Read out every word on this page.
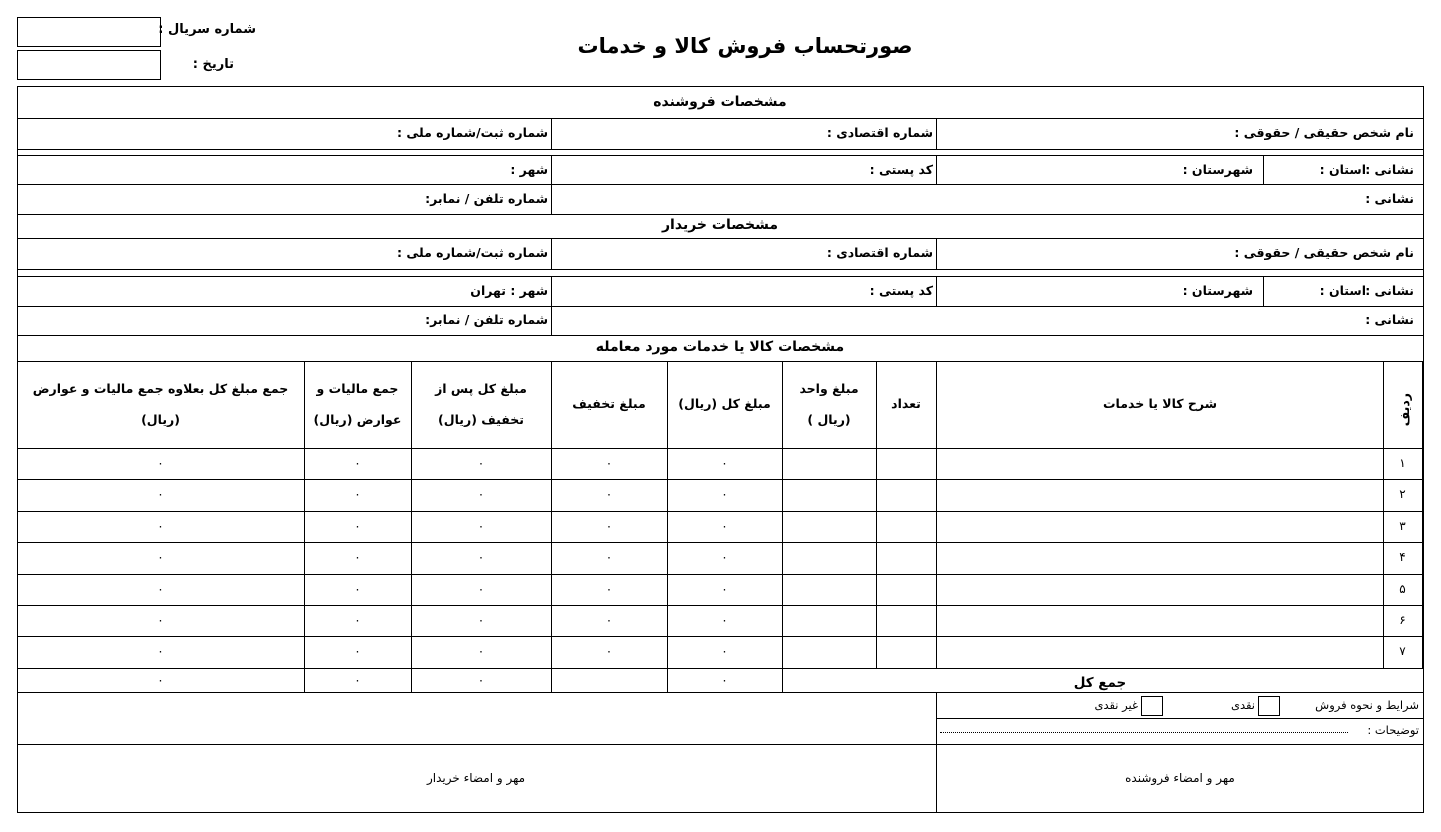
شماره سریال :
تاریخ :
صورتحساب فروش کالا و خدمات
مشخصات فروشنده
نام شخص حقیقی / حقوقی :
شماره اقتصادی :
شماره ثبت/شماره ملی :
نشانی :
استان :
شهرستان :
کد پستی :
شهر :
نشانی :
شماره تلفن / نمابر:
مشخصات خریدار
نام شخص حقیقی / حقوقی :
شماره اقتصادی :
شماره ثبت/شماره ملی :
نشانی :
استان :
شهرستان :
کد پستی :
شهر : تهران
نشانی :
شماره تلفن / نمابر:
مشخصات کالا یا خدمات مورد معامله
ردیف
شرح کالا یا خدمات
تعداد
مبلغ واحد
(ریال )
مبلغ کل (ریال)
مبلغ تخفیف
مبلغ کل پس از
تخفیف (ریال)
جمع مالیات و
عوارض (ریال)
جمع مبلغ کل بعلاوه جمع مالیات و عوارض
(ریال)
۱
۰
۰
۰
۰
۰
۲
۰
۰
۰
۰
۰
۳
۰
۰
۰
۰
۰
۴
۰
۰
۰
۰
۰
۵
۰
۰
۰
۰
۰
۶
۰
۰
۰
۰
۰
۷
۰
۰
۰
۰
۰
۰
۰
۰
۰	جمع کل
شرایط و نحوه فروش
نقدی
غیر نقدی
توضیحات :
مهر و امضاء فروشنده
مهر و امضاء خریدار
